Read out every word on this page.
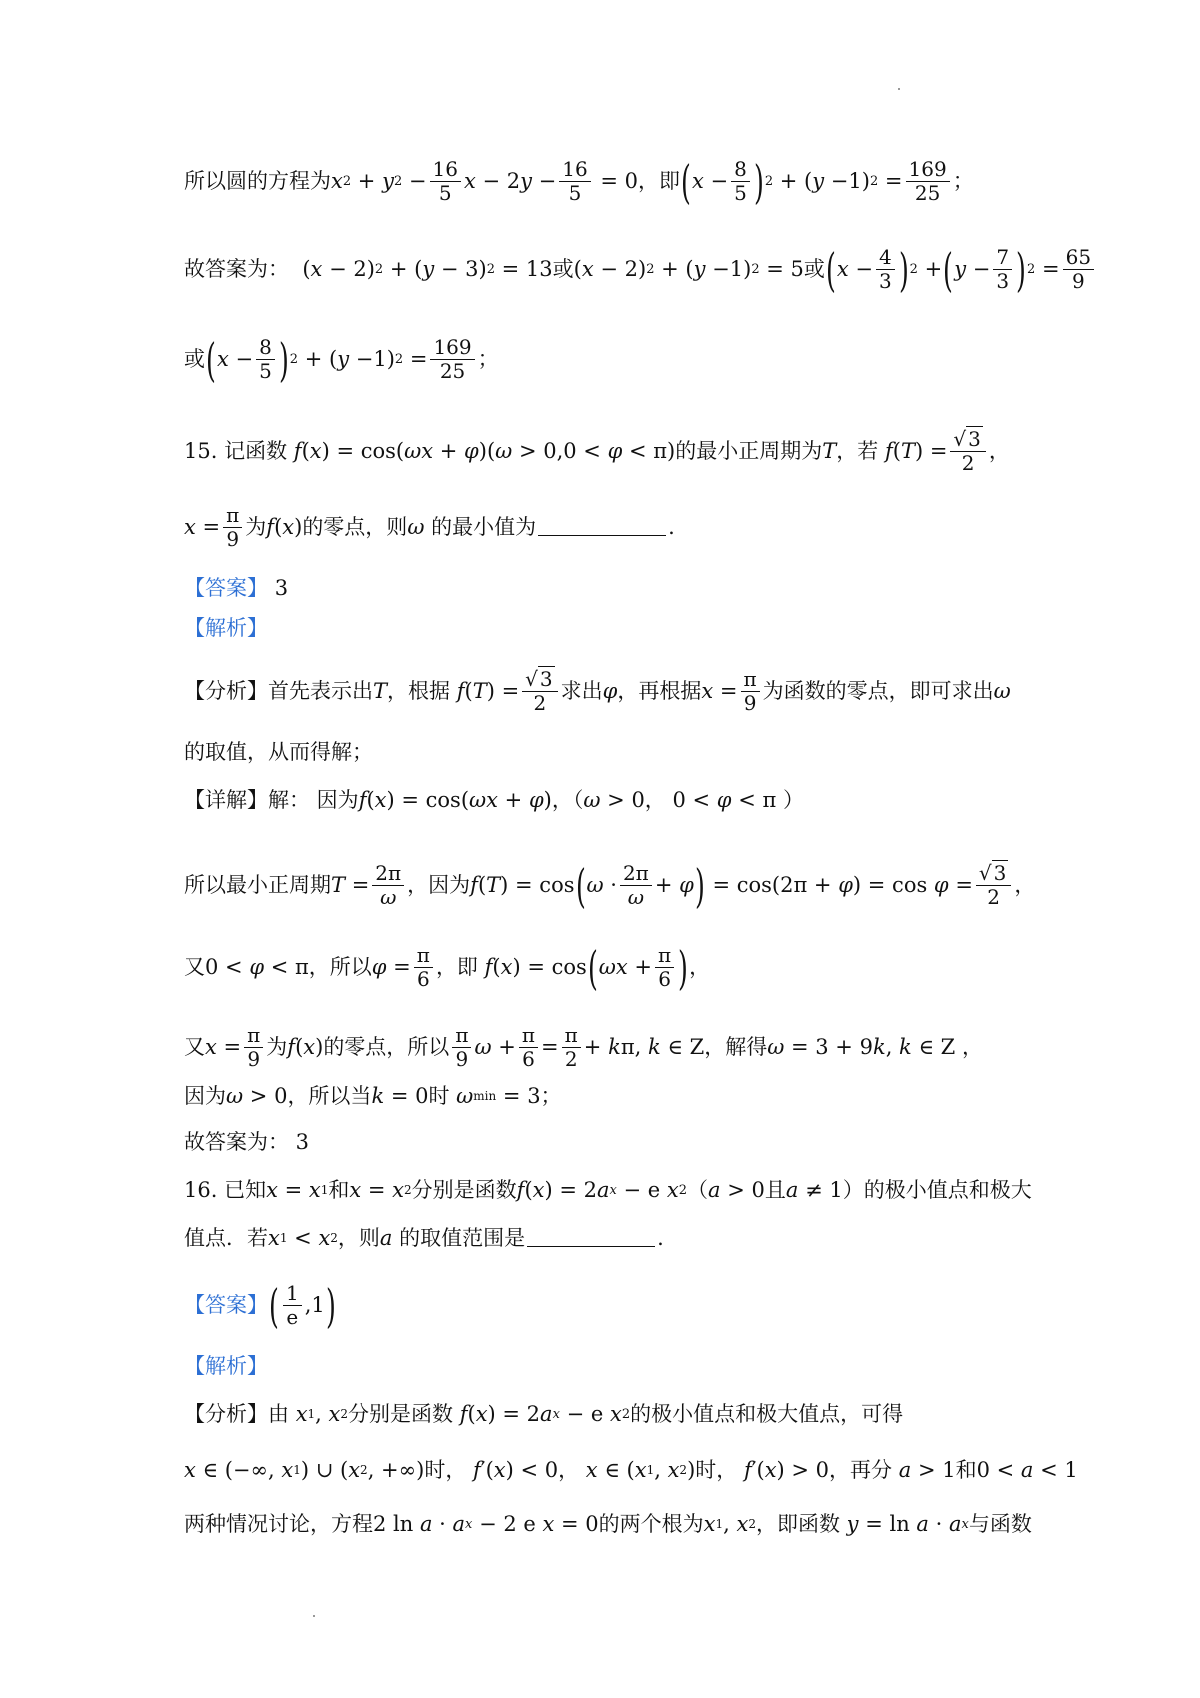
所以圆的方程为 x 2 + y $2 - \frac{16}{5}$ x − 2 $y - \frac{16}{5} = 0$ ，即 ( $x - \frac{8}{5}$ ) 2 + ( y −1) $2 = \frac{169}{25}$ ；
故答案为： ( x − 2) 2 + ( y − 3) 2 = 13 或 ( x − 2) 2 + ( y −1) 2 = 5 或 ( $x - \frac{4}{3}$ ) 2 + ( $y - \frac{7}{3}$ ) $2 = \frac{65}{9}$
或 ( $x - \frac{8}{5}$ ) 2 + ( y −1) $2 = \frac{169}{25}$ ；
15.
记函数
f ( x ) = cos( ωx + φ )( ω > 0,0 < φ < π) 的最小正周期为 T ，若
f ( T ) = $\frac{√ 3}{2}$ ，
$x = \frac{\pi}{9}$ 为 f ( x ) 的零点，则 ω
的最小值为	.
【答案】
3
【解析】
【分析】 首先表示出 T ，根据
f ( T ) = $\frac{√ 3}{2}$ 求出 φ ，再根据 $x = \frac{\pi}{9}$ 为函数的零点，即可求出 ω
的取值，从而得解；
【详解】 解： 因为 f ( x ) = cos( ωx + φ )，（ ω > 0， 0 < φ < π ）
所以最小正周期 $T = \frac{2\pi}{\omega}$ ，因为 f ( T ) = cos ( $\omega \cdot \frac{2\pi}{\omega} + \varphi$ ) = cos(2π + φ ) = $\cos \varphi = \frac{√ 3}{2}$ ，
又 0 < φ < π ，所以 $\varphi = \frac{\pi}{6}$ ，即
f ( x ) = cos ( $\omega x + \frac{\pi}{6}$ ) ，
又 $x = \frac{\pi}{9}$ 为 f ( x ) 的零点，所以 $\frac{\pi}{9}$ $\omega + \frac{\pi}{6} = \frac{\pi}{2} + k$ π, k ∈ Z ，解得 ω = 3 + 9 k , k ∈ Z ，
因为 ω > 0 ，所以当 k = 0 时
ω min = 3；
故答案为： 3
16.
已知 x = x 1 和 x = x 2 分别是函数 f ( x ) = 2 a x − e x 2 （ a > 0 且 a ≠ 1 ）的极小值点和极大
值点．若 x 1 < x 2 ，则 a
的取值范围是	.
【答案】 ( $\frac{1}{e} ,1$ )
【解析】
【分析】 由
x 1 , x 2 分别是函数
f ( x ) = 2 a x − e x 2 的极小值点和极大值点，可得
x ∈ (−∞, x 1 ) ∪ ( x 2 , +∞) 时，
f ′( x ) < 0 ，
x ∈ ( x 1 , x 2 ) 时，
f ′( x ) > 0 ，再分
a > 1 和 0 < a < 1
两种情况讨论，方程 2 ln a · a x − 2 e x = 0 的两个根为 x 1 , x 2 ，即函数
y = ln a · a x 与函数
